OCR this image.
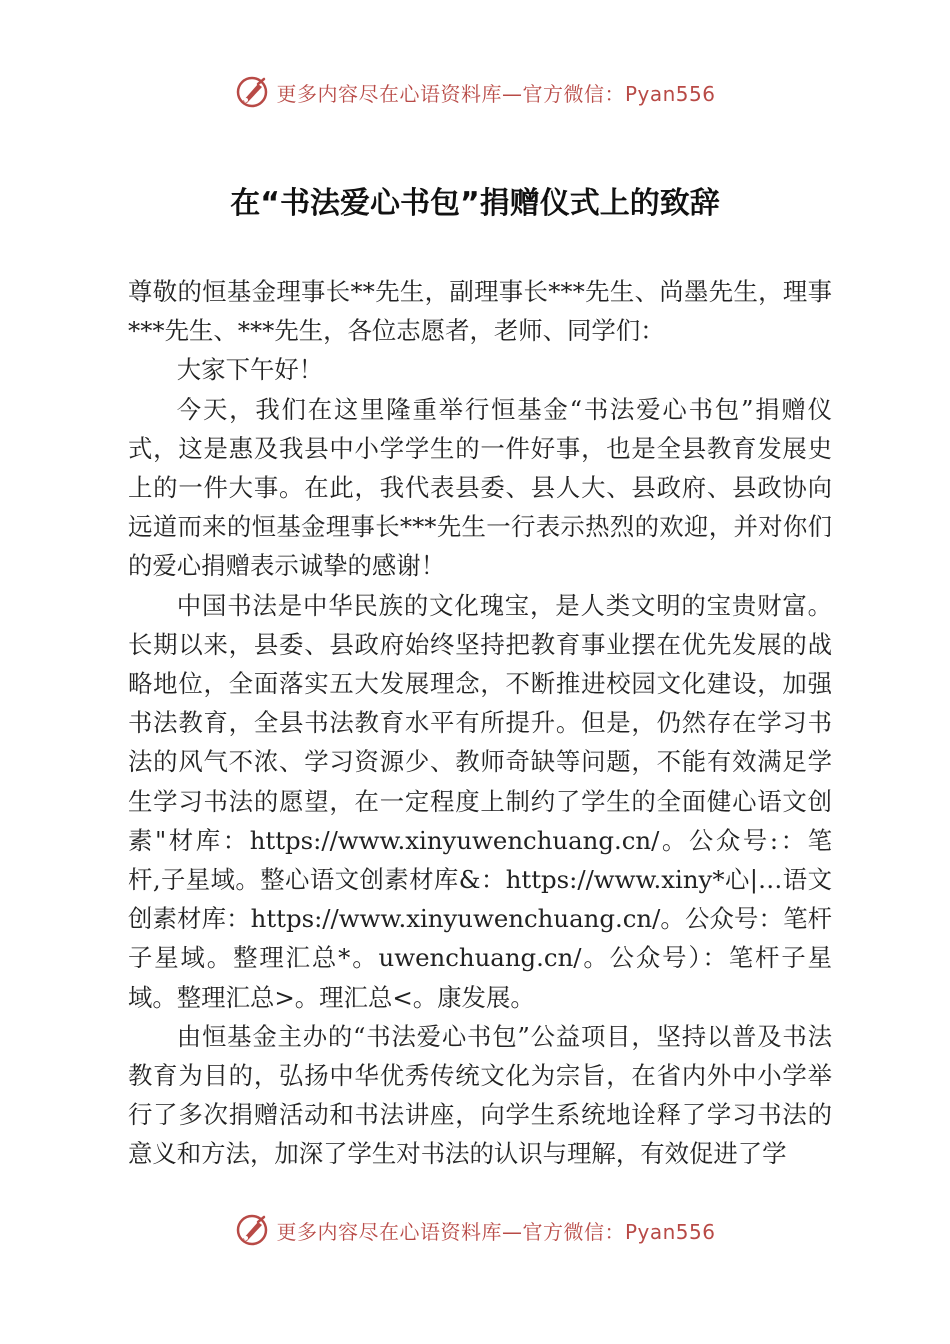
更多内容尽在心语资料库—官方微信：Pyan556
在“书法爱心书包”捐赠仪式上的致辞

尊敬的恒基金理事长**先生，副理事长***先生、尚墨先生，理事***先生、***先生，各位志愿者，老师、同学们：

大家下午好！

今天，我们在这里隆重举行恒基金“书法爱心书包”捐赠仪式，这是惠及我县中小学学生的一件好事，也是全县教育发展史 上的一件大事。在此，我代表县委、县人大、县政府、县政协向远道而来的恒基金理事长***先生一行表示热烈的欢迎，并对你们的爱心捐赠表示诚挚的感谢！

中国书法是中华民族的文化瑰宝，是人类文明的宝贵财富。长期以来，县委、县政府始终坚持把教育事业摆在优先发展的战略地位，全面落实五大发展理念，不断推进校园文化建设，加强书法教育，全县书法教育水平有所提升。但是，仍然存在学习书法的风气不浓、学习资源少、教师奇缺等问题，不能有效满足学生学习书法的愿望，在一定程度上制约了学生的全面健心语文创素"材库：https://www.xinyuwenchuang.cn/。公众号:：笔杆,子星域。整心语文创素材库&：https://www.xiny*心|…语文创素材库：https://www.xinyuwenchuang.cn/。公众号：笔杆子星域。整理汇总*。uwenchuang.cn/。公众号）：笔杆子星域。整理汇总>。理汇总<。康发展。

由恒基金主办的“书法爱心书包”公益项目，坚持以普及书法教育为目的，弘扬中华优秀传统文化为宗旨，在省内外中小学举行了多次捐赠活动和书法讲座，向学生系统地诠释了学习书法的意义和方法，加深了学生对书法的认识与理解，有效促进了学

更多内容尽在心语资料库—官方微信：Pyan556
